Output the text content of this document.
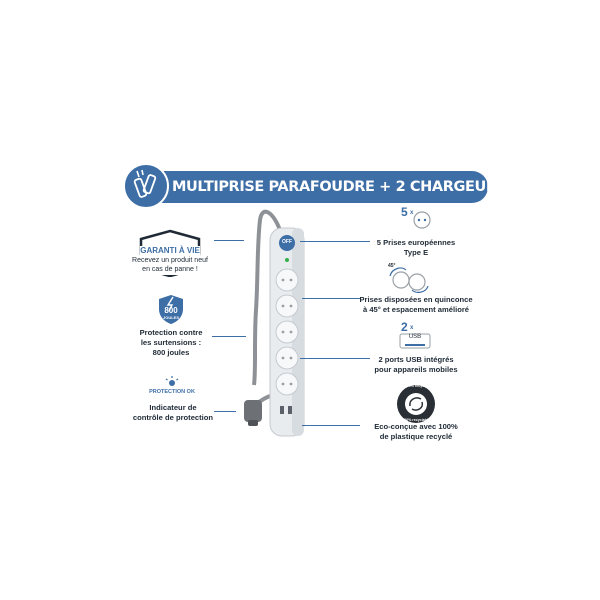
MULTIPRISE PARAFOUDRE + 2 CHARGEURS USB
OFF
GARANTI À VIE
Recevez un produit neuf
en cas de panne !
800
JOULES
Protection contre
les surtensions :
800 joules
PROTECTION OK
Indicateur de
contrôle de protection
5 x
5 Prises européennes
Type E
45°
Prises disposées en quinconce
à 45° et espacement amélioré
2 x
USB
2 ports USB intégrés
pour appareils mobiles
100% recyclé
100% recyclable
Eco-conçue avec 100%
de plastique recyclé
